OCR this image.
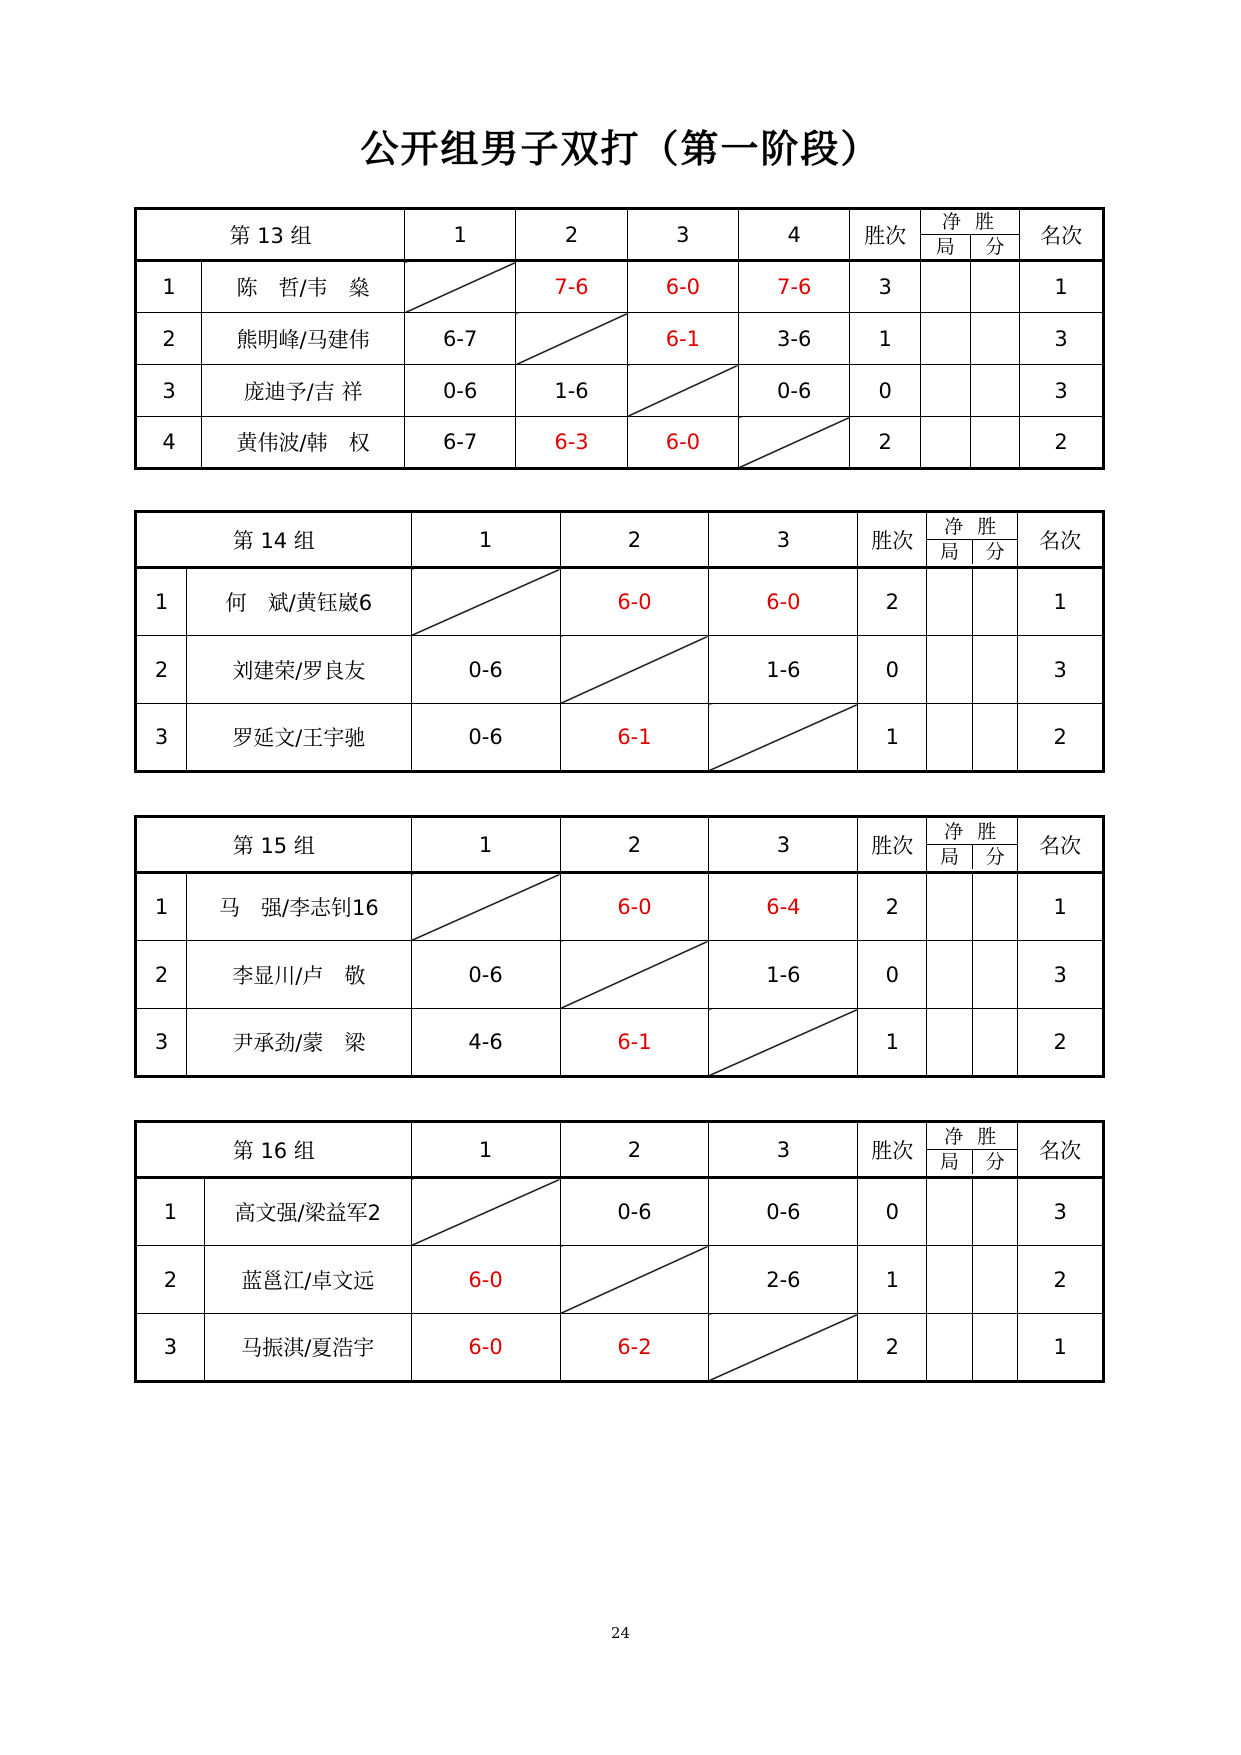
公开组男子双打（第一阶段）
第 13 组		1	2	3	4	胜次	净 胜
局 分		名次
1	陈　哲/韦　燊		7-6	6-0	7-6	3			1
2	熊明峰/马建伟	6-7		6-1	3-6	1			3
3	庞迪予/吉 祥	0-6	1-6		0-6	0			3
4	黄伟波/韩　权	6-7	6-3	6-0		2			2
第 14 组		1	2	3	胜次	净 胜
局 分		名次
1	何　斌/黄钰崴6		6-0	6-0	2			1
2	刘建荣/罗良友	0-6		1-6	0			3
3	罗延文/王宇驰	0-6	6-1		1			2
第 15 组		1	2	3	胜次	净 胜
局 分		名次
1	马　强/李志钊16		6-0	6-4	2			1
2	李显川/卢　敬	0-6		1-6	0			3
3	尹承劲/蒙　梁	4-6	6-1		1			2
第 16 组		1	2	3	胜次	净 胜
局 分		名次
1	高文强/梁益军2		0-6	0-6	0			3
2	蓝邕江/卓文远	6-0		2-6	1			2
3	马振淇/夏浩宇	6-0	6-2		2			1
24
